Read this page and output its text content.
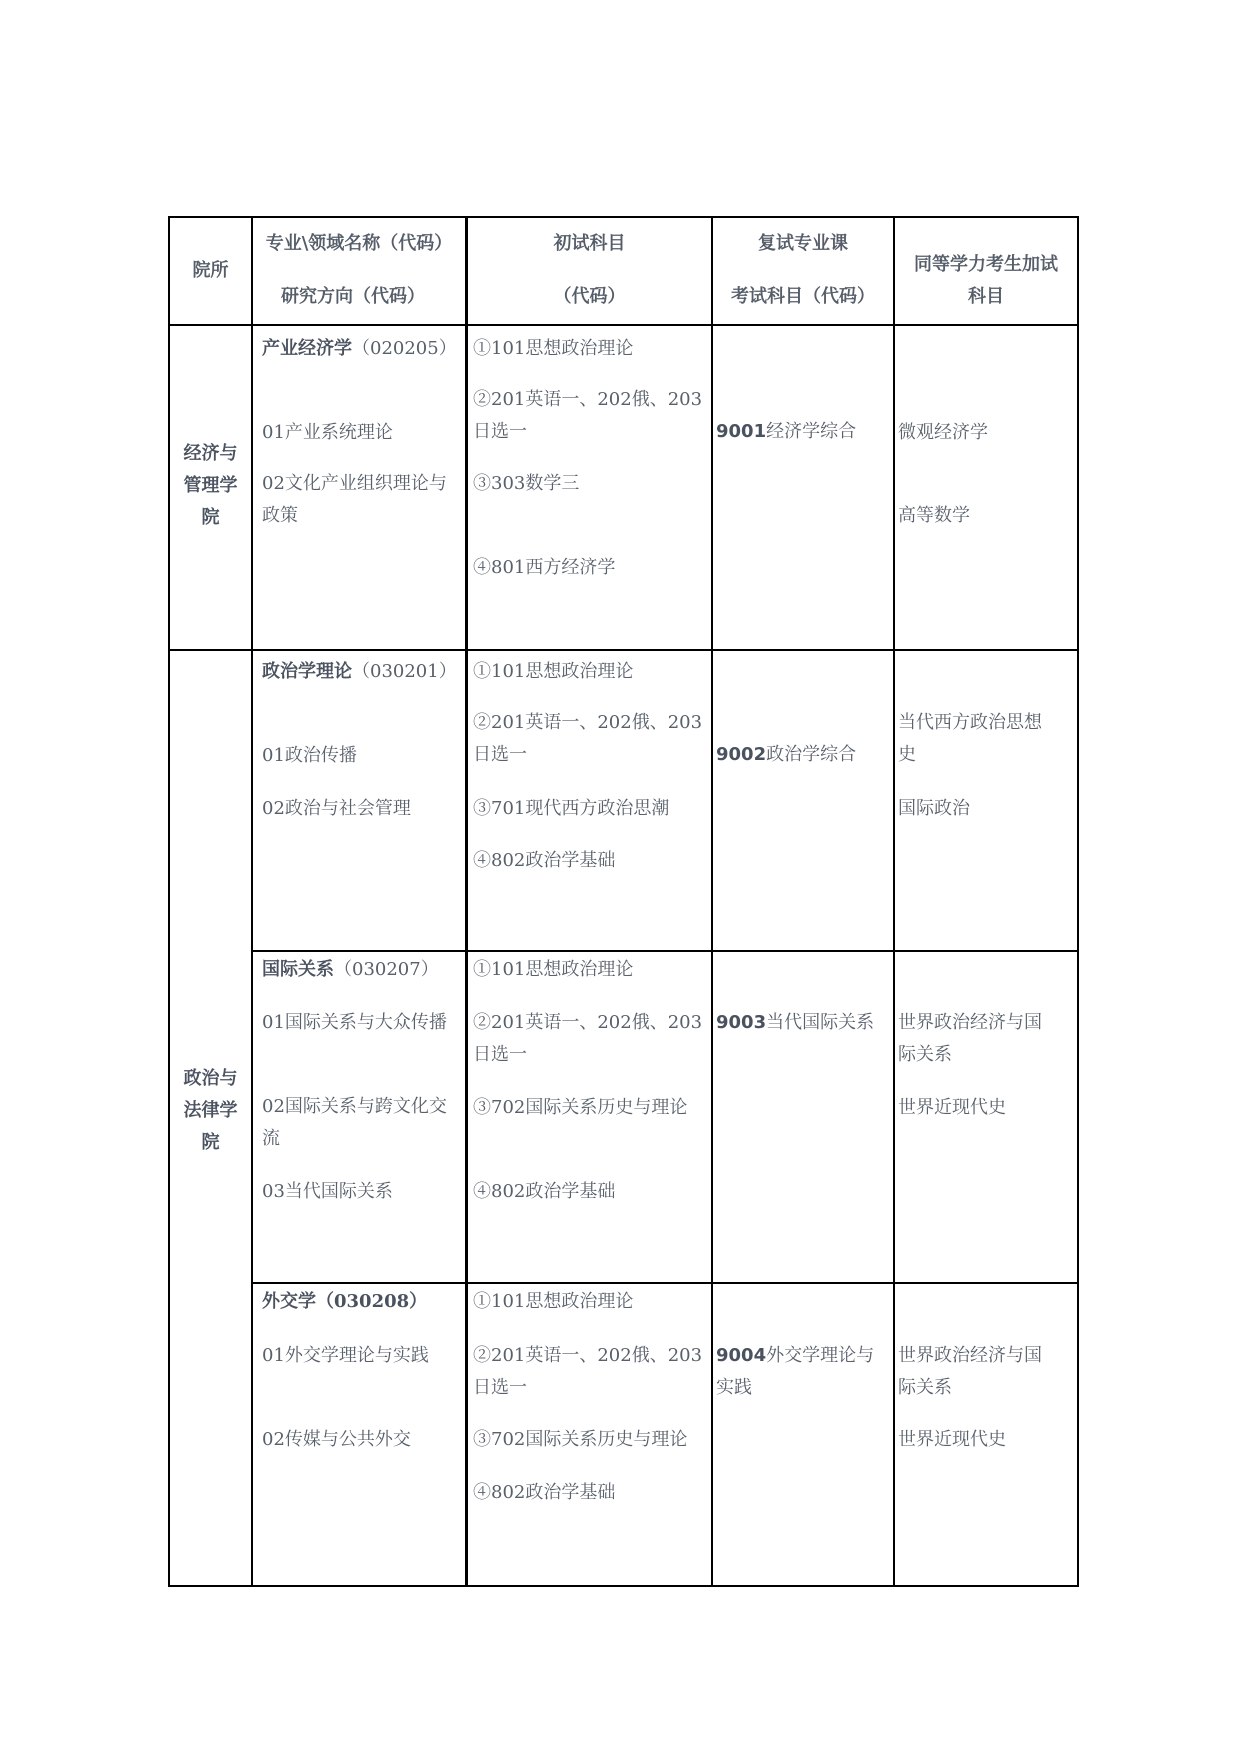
院所
专业\领域名称（代码）
研究方向（代码）
初试科目
（代码）
复试专业课
考试科目（代码）
同等学力考生加试
科目
经济与
管理学
院
产业经济学（020205）
01产业系统理论
02文化产业组织理论与
政策
①101思想政治理论
②201英语一、202俄、203
日选一
③303数学三
④801西方经济学
9001经济学综合	微观经济学
高等数学
政治与
法律学
院
政治学理论（030201）
01政治传播
02政治与社会管理
①101思想政治理论
②201英语一、202俄、203
日选一
③701现代西方政治思潮
④802政治学基础
9002政治学综合
当代西方政治思想
史
国际政治
国际关系（030207）
01国际关系与大众传播
02国际关系与跨文化交
流
03当代国际关系
①101思想政治理论
②201英语一、202俄、203
日选一
③702国际关系历史与理论
④802政治学基础
9003当代国际关系	世界政治经济与国
际关系
世界近现代史
外交学（030208）
01外交学理论与实践
02传媒与公共外交
①101思想政治理论
②201英语一、202俄、203
日选一
③702国际关系历史与理论
④802政治学基础
9004外交学理论与
实践
世界政治经济与国
际关系
世界近现代史
